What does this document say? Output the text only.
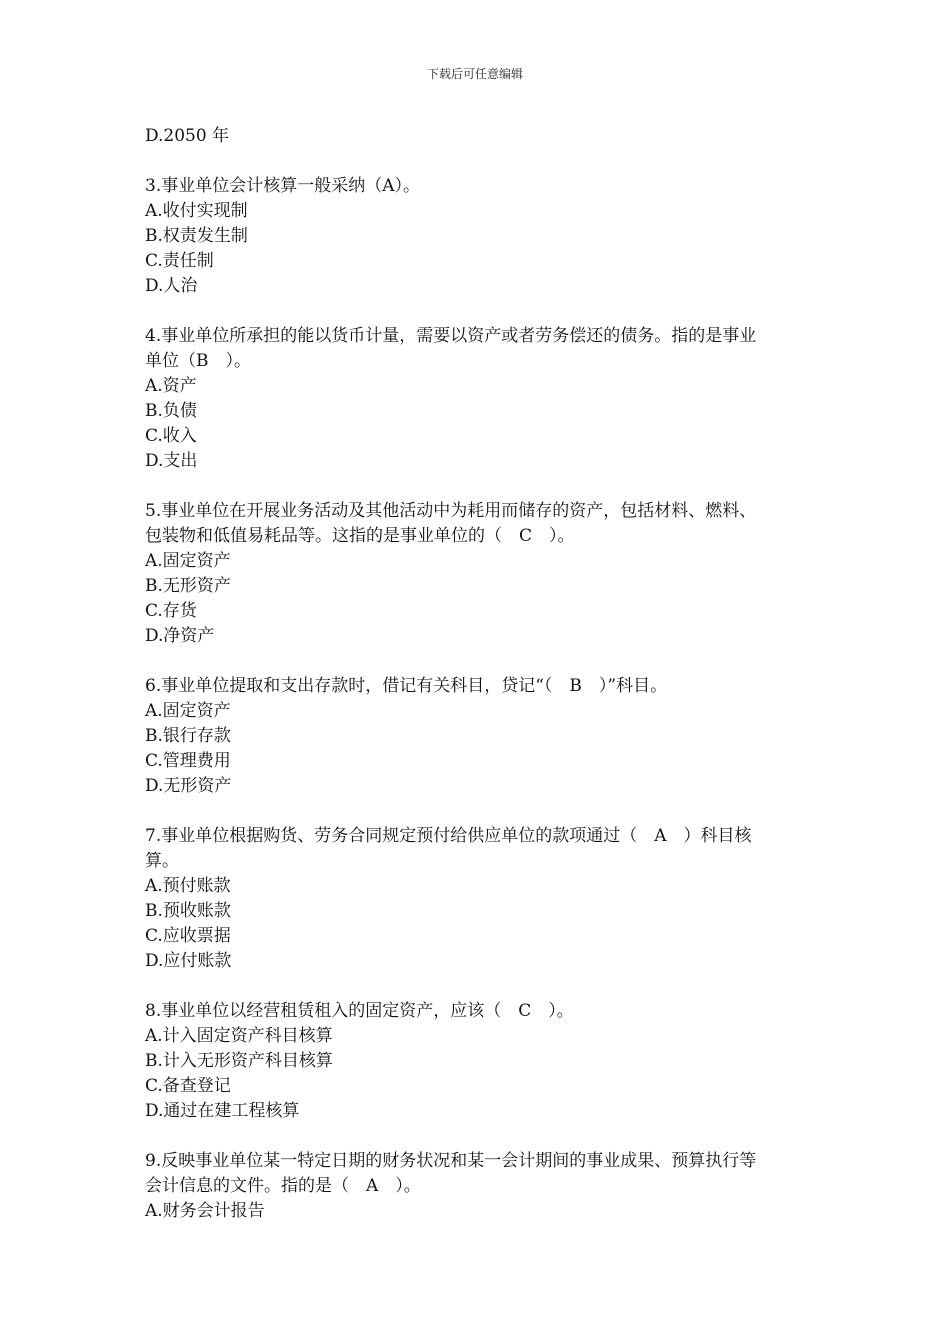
下载后可任意编辑
D.2050 年
3.事业单位会计核算一般采纳（A）。
A.收付实现制
B.权责发生制
C.责任制
D.人治
4.事业单位所承担的能以货币计量，需要以资产或者劳务偿还的债务。指的是事业
单位（B　）。
A.资产
B.负债
C.收入
D.支出
5.事业单位在开展业务活动及其他活动中为耗用而储存的资产，包括材料、燃料、
包装物和低值易耗品等。这指的是事业单位的（　C　）。
A.固定资产
B.无形资产
C.存货
D.净资产
6.事业单位提取和支出存款时，借记有关科目，贷记“（　B　）”科目。
A.固定资产
B.银行存款
C.管理费用
D.无形资产
7.事业单位根据购货、劳务合同规定预付给供应单位的款项通过（　A　）科目核
算。
A.预付账款
B.预收账款
C.应收票据
D.应付账款
8.事业单位以经营租赁租入的固定资产，应该（　C　）。
A.计入固定资产科目核算
B.计入无形资产科目核算
C.备查登记
D.通过在建工程核算
9.反映事业单位某一特定日期的财务状况和某一会计期间的事业成果、预算执行等
会计信息的文件。指的是（　A　）。
A.财务会计报告
